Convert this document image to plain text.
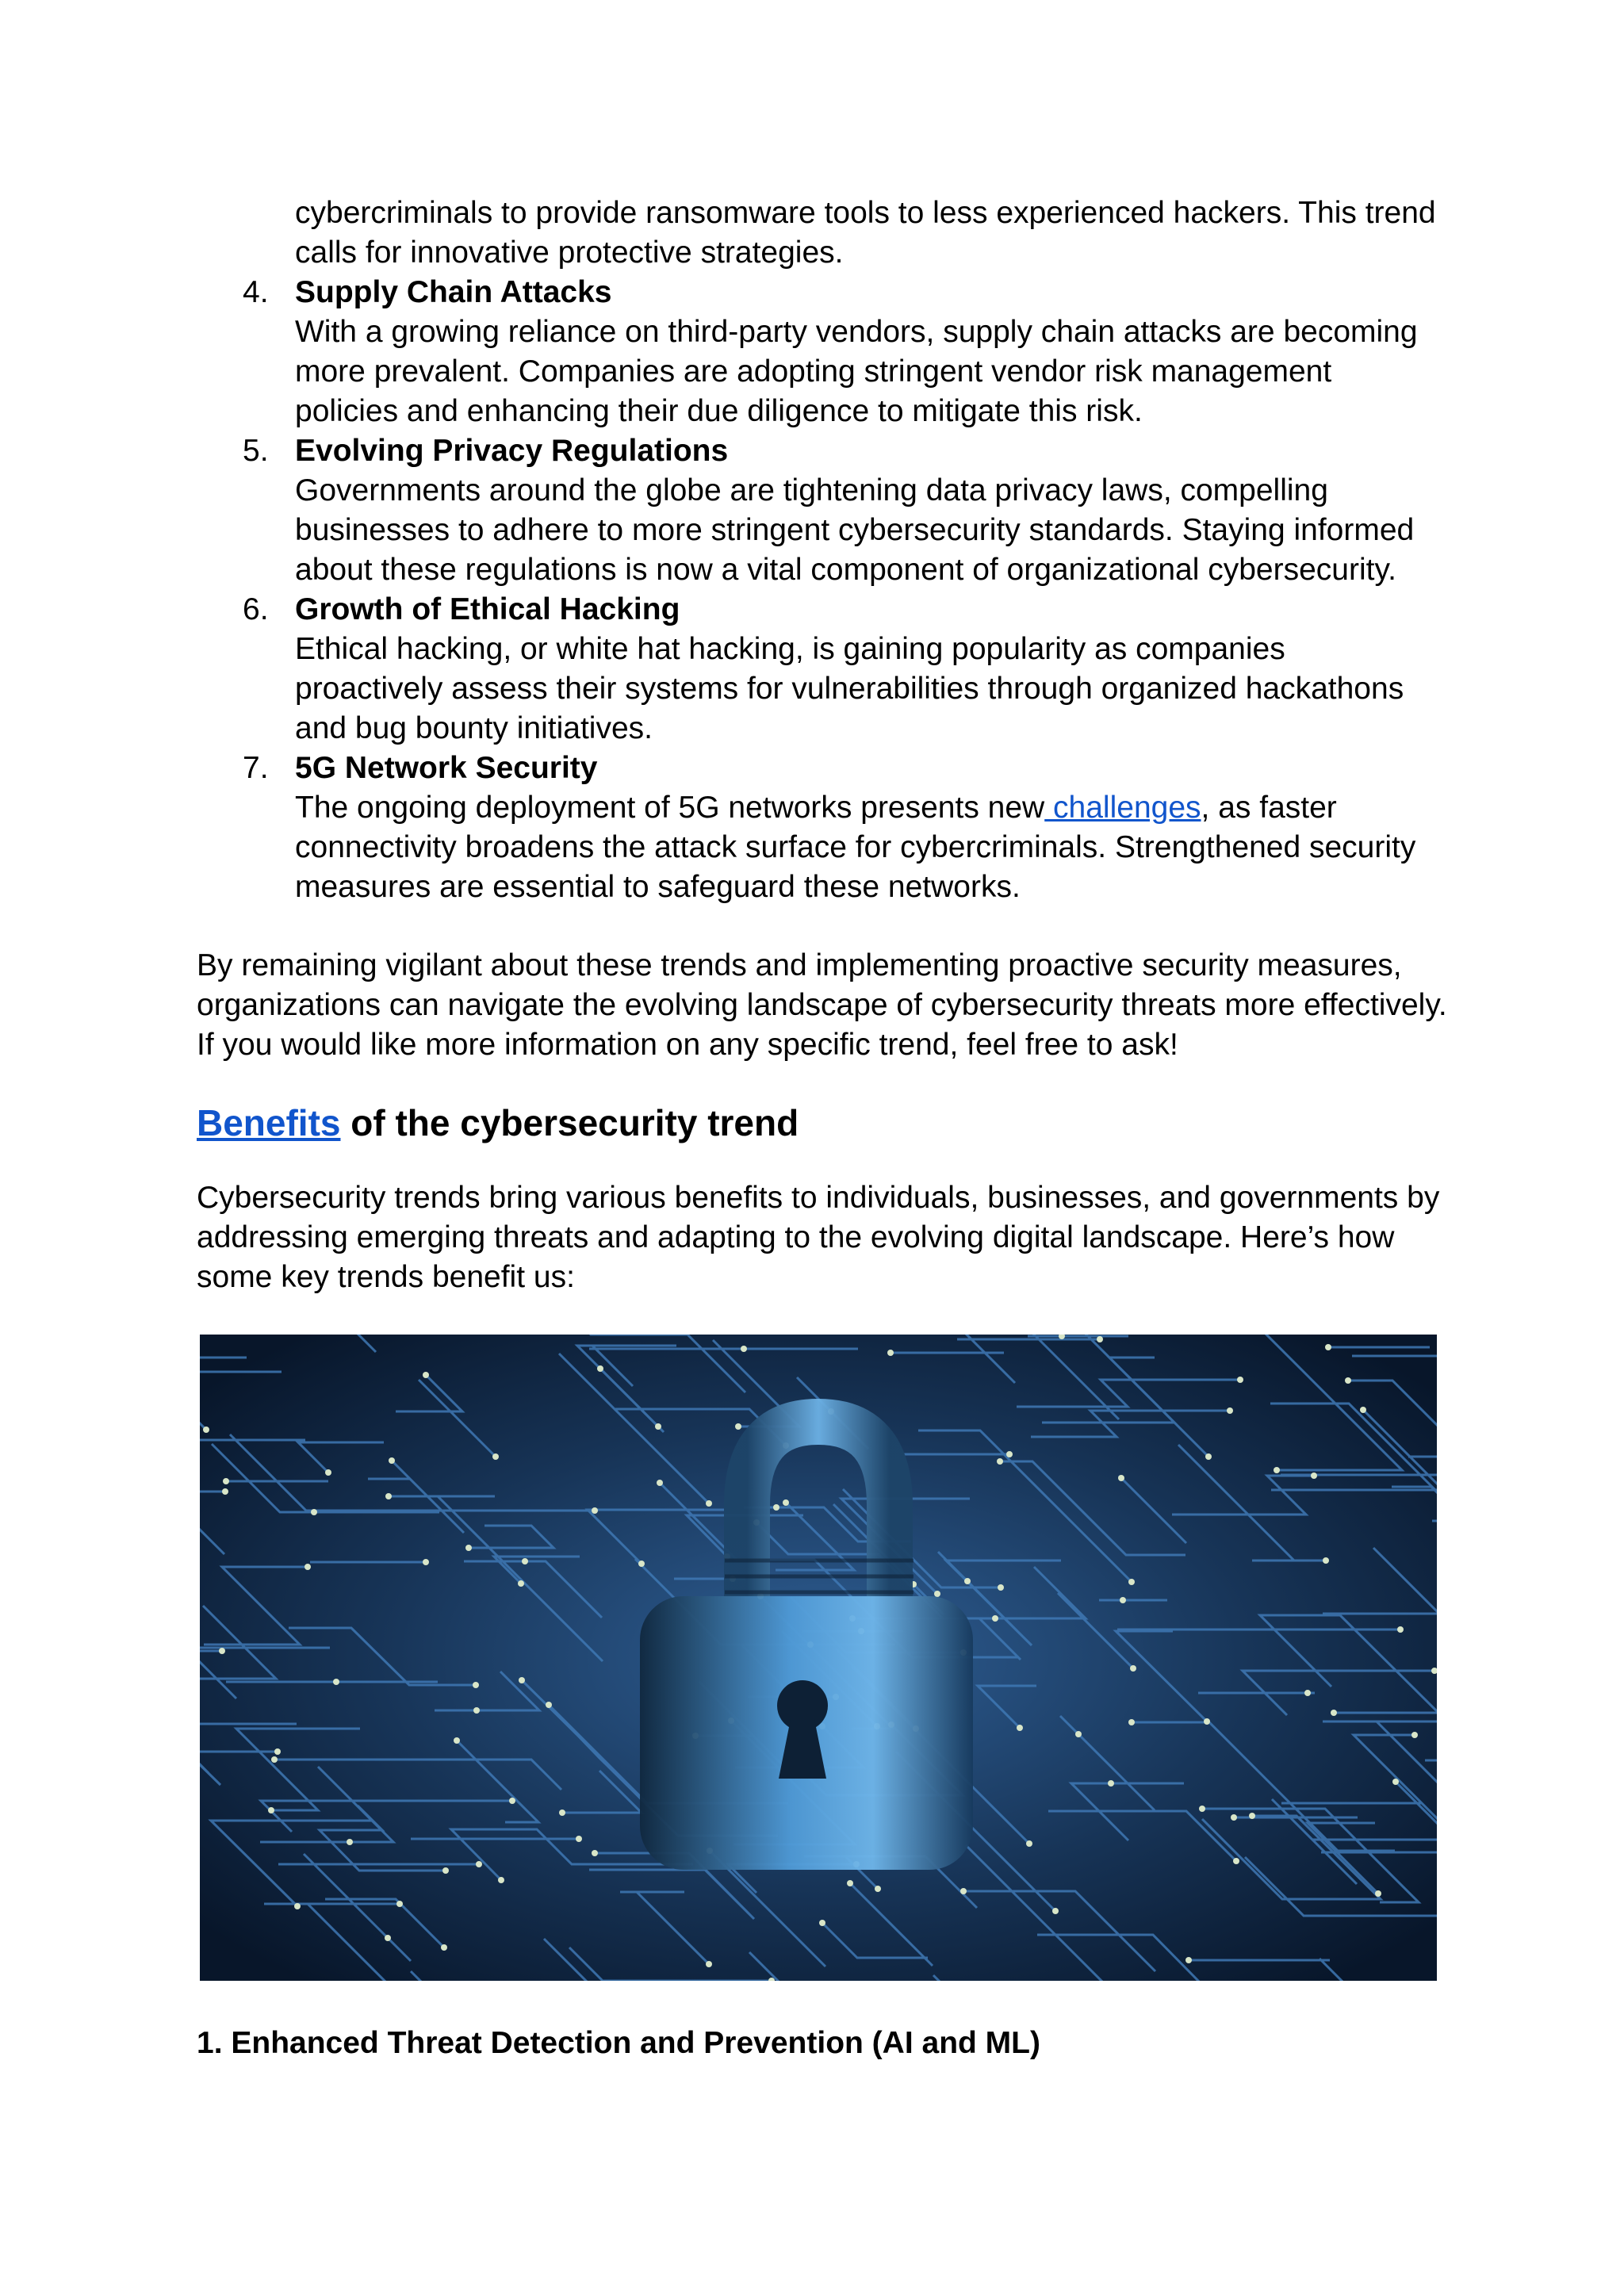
cybercriminals to provide ransomware tools to less experienced hackers. This trend calls for innovative protective strategies.
4. Supply Chain Attacks
With a growing reliance on third-party vendors, supply chain attacks are becoming more prevalent. Companies are adopting stringent vendor risk management policies and enhancing their due diligence to mitigate this risk.
5. Evolving Privacy Regulations
Governments around the globe are tightening data privacy laws, compelling businesses to adhere to more stringent cybersecurity standards. Staying informed about these regulations is now a vital component of organizational cybersecurity.
6. Growth of Ethical Hacking
Ethical hacking, or white hat hacking, is gaining popularity as companies proactively assess their systems for vulnerabilities through organized hackathons and bug bounty initiatives.
7. 5G Network Security
The ongoing deployment of 5G networks presents new challenges, as faster connectivity broadens the attack surface for cybercriminals. Strengthened security measures are essential to safeguard these networks.

By remaining vigilant about these trends and implementing proactive security measures, organizations can navigate the evolving landscape of cybersecurity threats more effectively. If you would like more information on any specific trend, feel free to ask!

Benefits of the cybersecurity trend

Cybersecurity trends bring various benefits to individuals, businesses, and governments by addressing emerging threats and adapting to the evolving digital landscape. Here’s how some key trends benefit us:

1. Enhanced Threat Detection and Prevention (AI and ML)
